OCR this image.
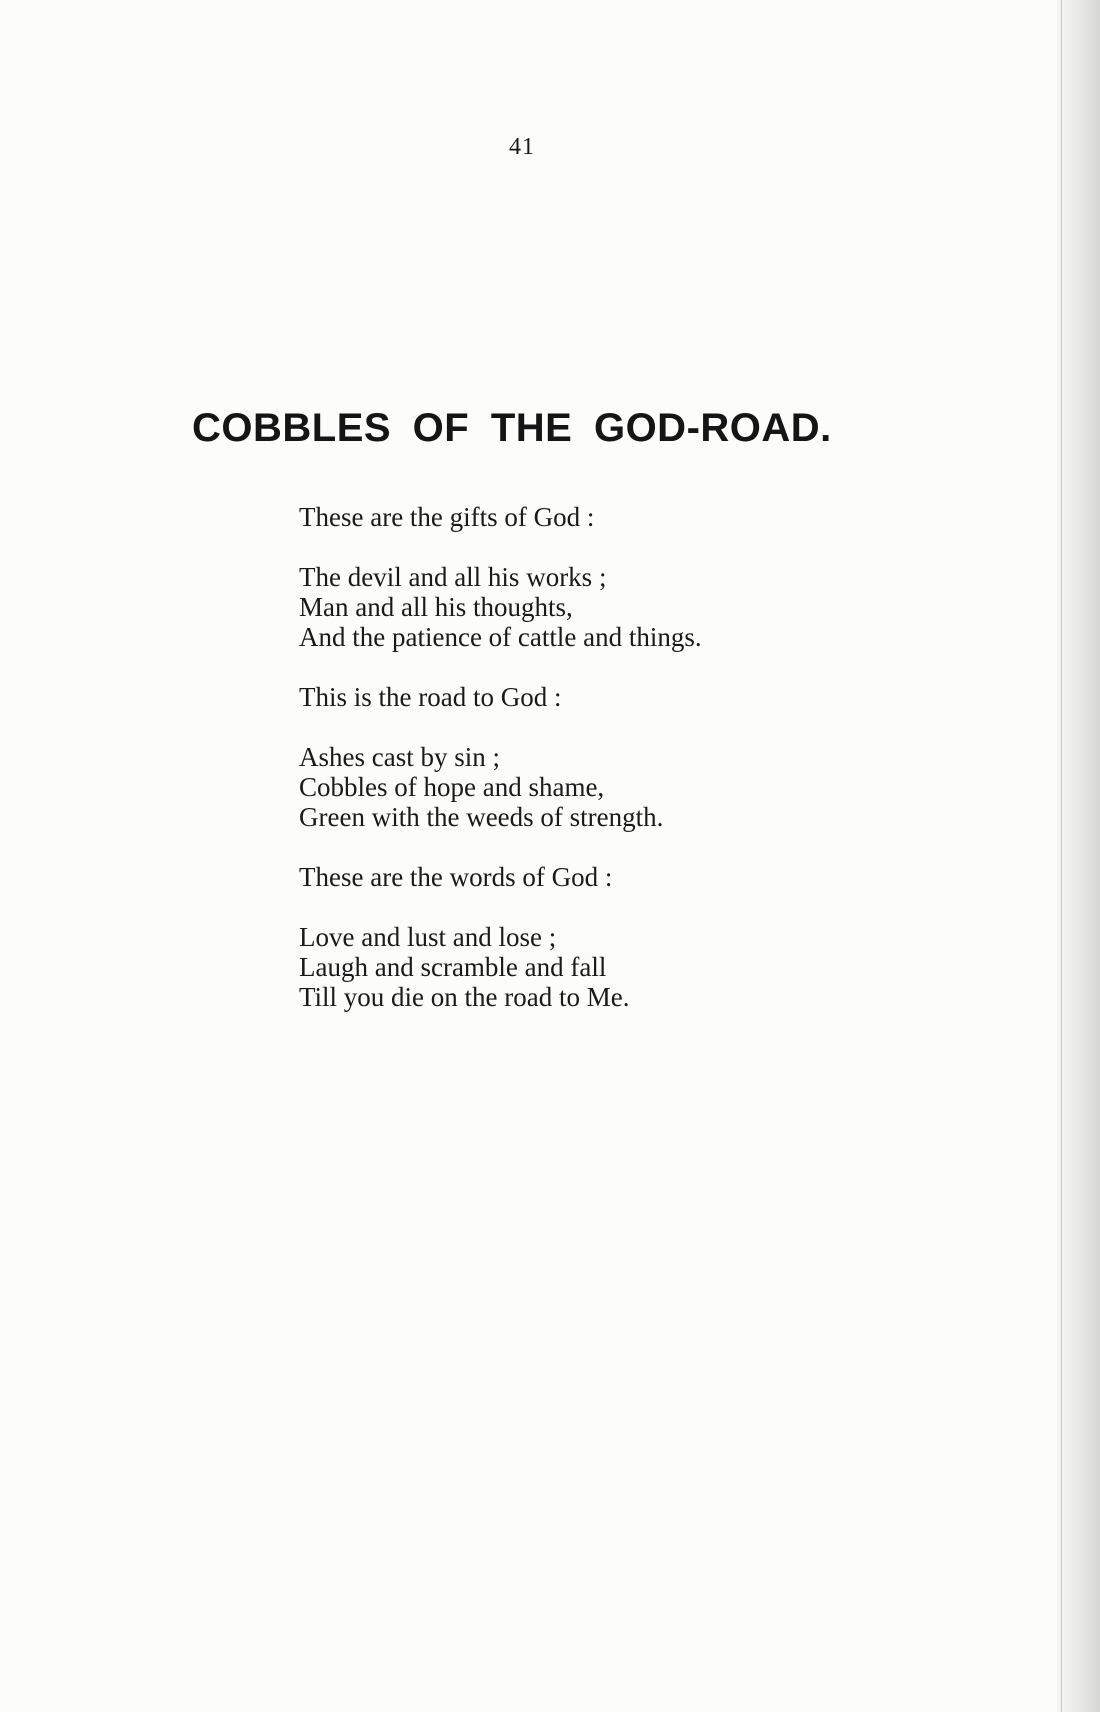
41
COBBLES OF THE GOD-ROAD.
These are the gifts of God :
The devil and all his works ;
Man and all his thoughts,
And the patience of cattle and things.
This is the road to God :
Ashes cast by sin ;
Cobbles of hope and shame,
Green with the weeds of strength.
These are the words of God :
Love and lust and lose ;
Laugh and scramble and fall
Till you die on the road to Me.
